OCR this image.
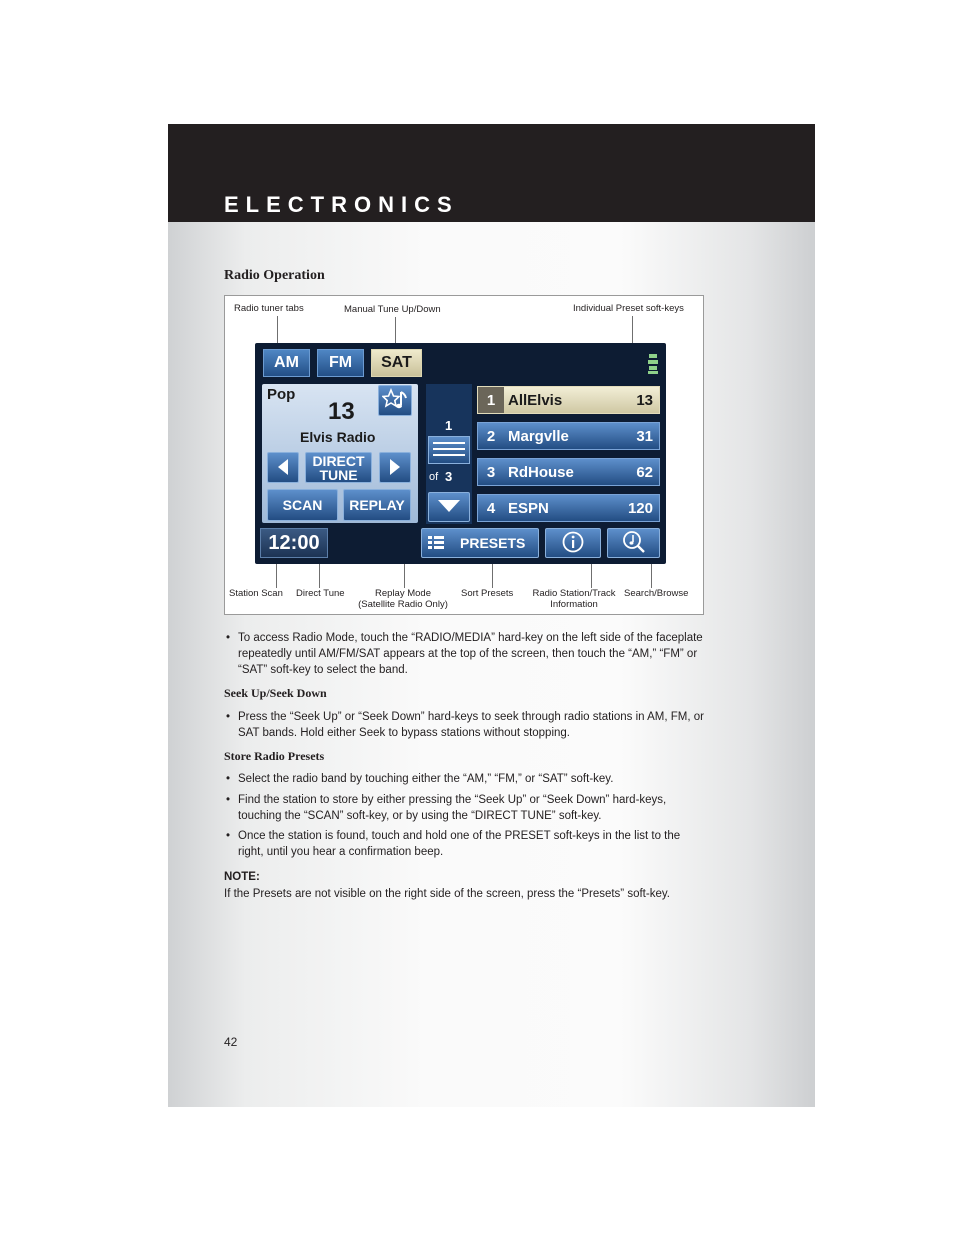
ELECTRONICS
Radio Operation
Radio tuner tabs	Manual Tune Up/Down	Individual Preset soft-keys
Station Scan Direct Tune	Replay Mode
(Satellite Radio Only)
Sort Presets	Radio Station/Track
Information
Search/Browse
AM	FM	SAT
Pop
13
Elvis Radio
DIRECT
TUNE
SCAN	REPLAY
12:00
1
of 3
1 AllElvis	13
2 Margvlle	31
3 RdHouse	62
4 ESPN	120
PRESETS
• To access Radio Mode, touch the “RADIO/MEDIA” hard-key on the left side of the faceplate repeatedly until AM/FM/SAT appears at the top of the screen, then touch the “AM,” “FM” or “SAT” soft-key to select the band.
Seek Up/Seek Down
• Press the “Seek Up” or “Seek Down” hard-keys to seek through radio stations in AM, FM, or SAT bands. Hold either Seek to bypass stations without stopping.
Store Radio Presets
• Select the radio band by touching either the “AM,” “FM,” or “SAT” soft-key.
• Find the station to store by either pressing the “Seek Up” or “Seek Down” hard-keys, touching the “SCAN” soft-key, or by using the “DIRECT TUNE” soft-key.
• Once the station is found, touch and hold one of the PRESET soft-keys in the list to the right, until you hear a confirmation beep.
NOTE:
If the Presets are not visible on the right side of the screen, press the “Presets” soft-key.
42
